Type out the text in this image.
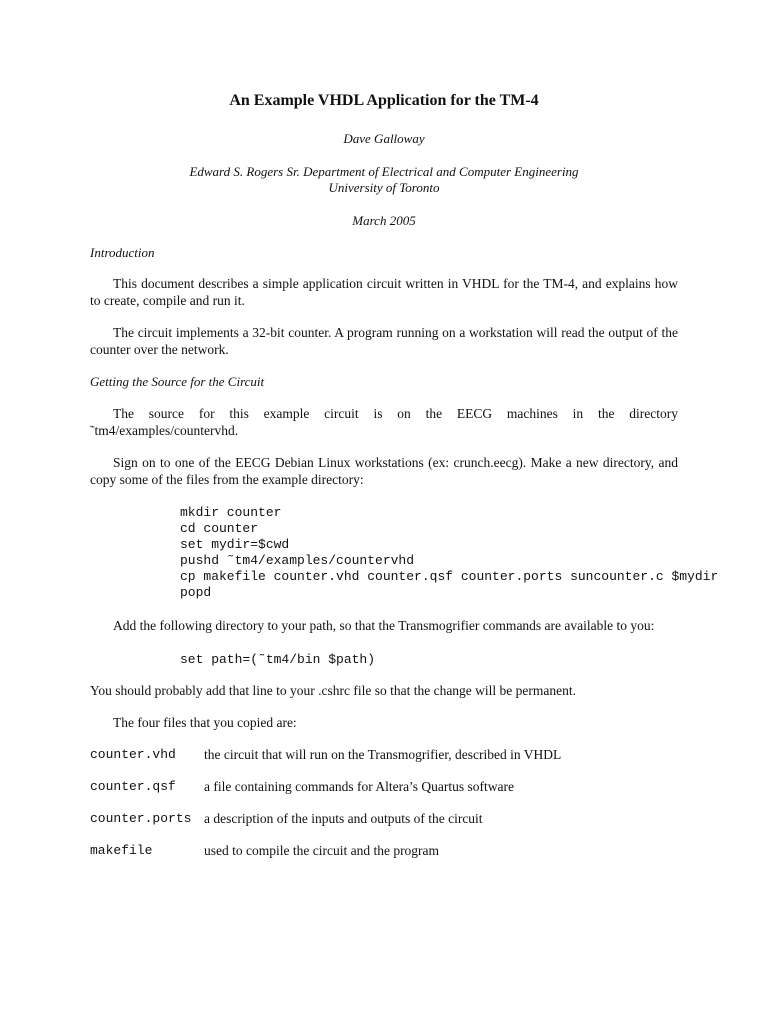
An Example VHDL Application for the TM-4
Dave Galloway
Edward S. Rogers Sr. Department of Electrical and Computer Engineering
University of Toronto
March 2005
Introduction

This document describes a simple application circuit written in VHDL for the TM-4, and explains how to create, compile and run it.

The circuit implements a 32-bit counter. A program running on a workstation will read the output of the counter over the network.

Getting the Source for the Circuit

The source for this example circuit is on the EECG machines in the directory ˜tm4/examples/countervhd.

Sign on to one of the EECG Debian Linux workstations (ex: crunch.eecg). Make a new directory, and copy some of the files from the example directory:

mkdir counter
cd counter
set mydir=$cwd
pushd ˜tm4/examples/countervhd
cp makefile counter.vhd counter.qsf counter.ports suncounter.c $mydir
popd

Add the following directory to your path, so that the Transmogrifier commands are available to you:

set path=(˜tm4/bin $path)

You should probably add that line to your .cshrc file so that the change will be permanent.

The four files that you copied are:

counter.vhd the circuit that will run on the Transmogrifier, described in VHDL
counter.qsf a file containing commands for Altera’s Quartus software
counter.ports a description of the inputs and outputs of the circuit
makefile	used to compile the circuit and the program
